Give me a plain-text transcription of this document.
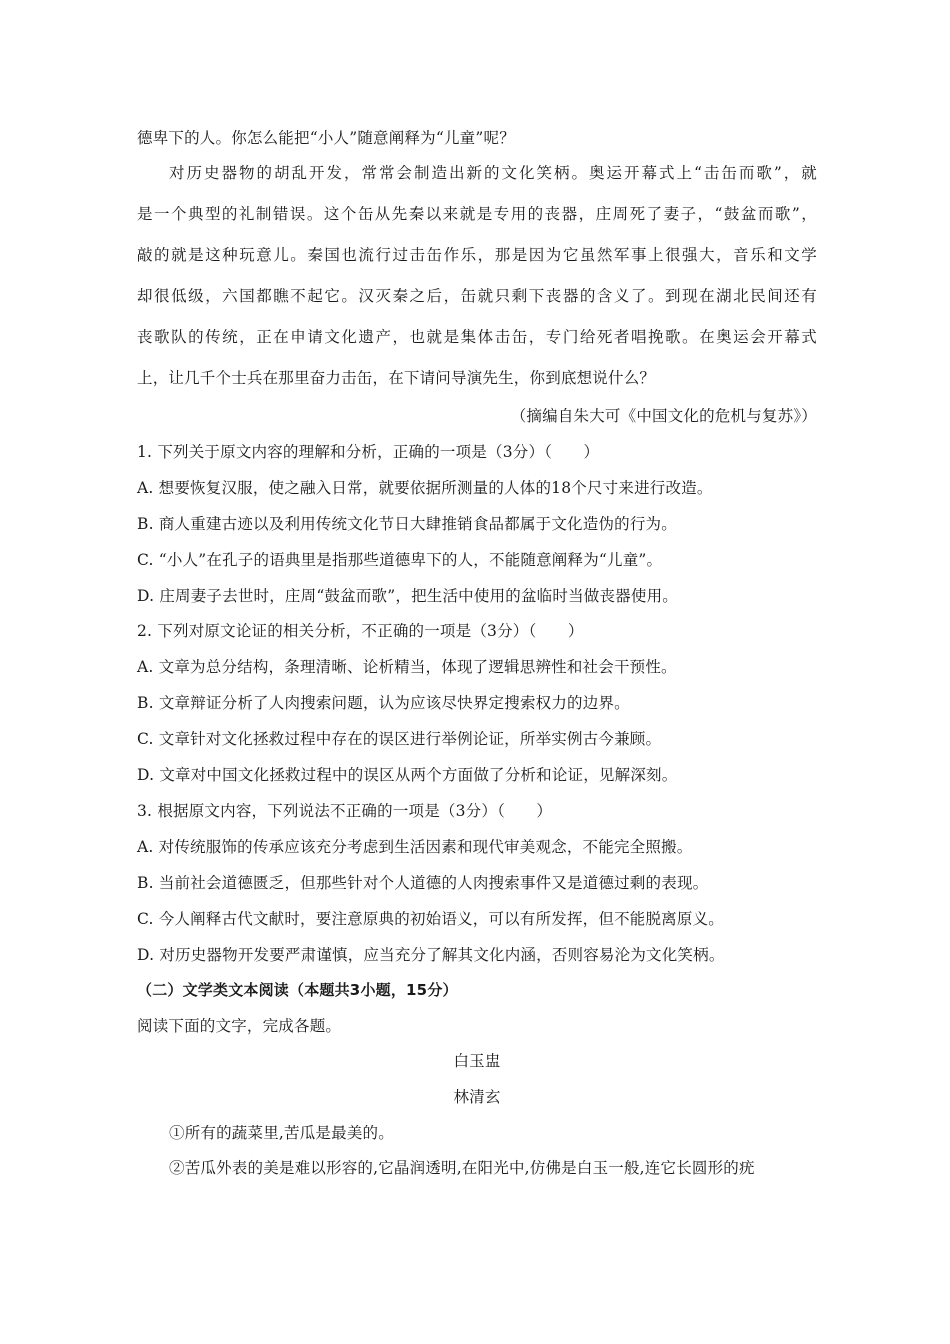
德卑下的人。你怎么能把“小人”随意阐释为“儿童”呢？
对历史器物的胡乱开发，常常会制造出新的文化笑柄。奥运开幕式上“击缶而歌”，就
是一个典型的礼制错误。这个缶从先秦以来就是专用的丧器，庄周死了妻子，“鼓盆而歌”，
敲的就是这种玩意儿。秦国也流行过击缶作乐，那是因为它虽然军事上很强大，音乐和文学
却很低级，六国都瞧不起它。汉灭秦之后，缶就只剩下丧器的含义了。到现在湖北民间还有
丧歌队的传统，正在申请文化遗产，也就是集体击缶，专门给死者唱挽歌。在奥运会开幕式
上，让几千个士兵在那里奋力击缶，在下请问导演先生，你到底想说什么？
（摘编自朱大可《中国文化的危机与复苏》）
1. 下列关于原文内容的理解和分析，正确的一项是（3分）（　　）
A. 想要恢复汉服，使之融入日常，就要依据所测量的人体的18个尺寸来进行改造。
B. 商人重建古迹以及利用传统文化节日大肆推销食品都属于文化造伪的行为。
C. “小人”在孔子的语典里是指那些道德卑下的人，不能随意阐释为“儿童”。
D. 庄周妻子去世时，庄周“鼓盆而歌”，把生活中使用的盆临时当做丧器使用。
2. 下列对原文论证的相关分析，不正确的一项是（3分）（　　）
A. 文章为总分结构，条理清晰、论析精当，体现了逻辑思辨性和社会干预性。
B. 文章辩证分析了人肉搜索问题，认为应该尽快界定搜索权力的边界。
C. 文章针对文化拯救过程中存在的误区进行举例论证，所举实例古今兼顾。
D. 文章对中国文化拯救过程中的误区从两个方面做了分析和论证，见解深刻。
3. 根据原文内容，下列说法不正确的一项是（3分）（　　）
A. 对传统服饰的传承应该充分考虑到生活因素和现代审美观念，不能完全照搬。
B. 当前社会道德匮乏，但那些针对个人道德的人肉搜索事件又是道德过剩的表现。
C. 今人阐释古代文献时，要注意原典的初始语义，可以有所发挥，但不能脱离原义。
D. 对历史器物开发要严肃谨慎，应当充分了解其文化内涵，否则容易沦为文化笑柄。
（二）文学类文本阅读（本题共3小题，15分）
阅读下面的文字，完成各题。
白玉盅
林清玄
①所有的蔬菜里,苦瓜是最美的。
②苦瓜外表的美是难以形容的,它晶润透明,在阳光中,仿佛是白玉一般,连它长圆形的疣
